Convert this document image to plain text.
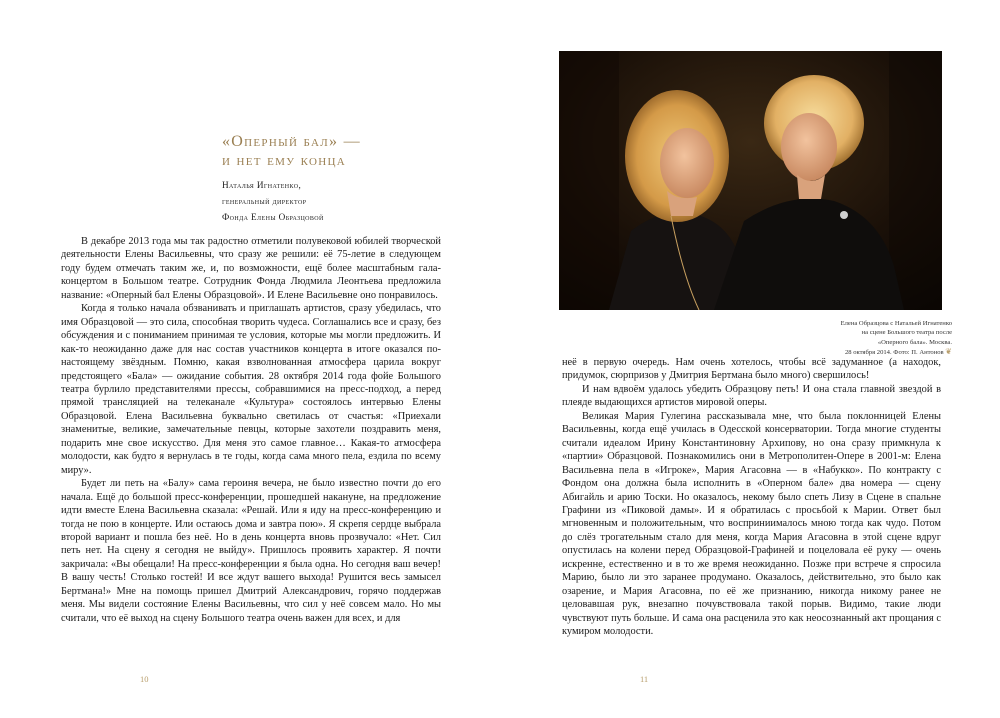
«Оперный бал» —
и нет ему конца
Наталья Игнатенко,
генеральный директор
Фонда Елены Образцовой

В декабре 2013 года мы так радостно отметили полувековой юбилей творческой деятельности Елены Васильевны, что сразу же решили: её 75-летие в следующем году будем отмечать таким же, и, по возможности, ещё более масштабным гала-концертом в Большом театре. Сотрудник Фонда Людмила Леонтьева предложила название: «Оперный бал Елены Образцовой». И Елене Васильевне оно понравилось.

Когда я только начала обзванивать и приглашать артистов, сразу убедилась, что имя Образцовой — это сила, способная творить чудеса. Соглашались все и сразу, без обсуждения и с пониманием принимая те условия, которые мы могли предложить. И как-то неожиданно даже для нас состав участников концерта в итоге оказался по-настоящему звёздным. Помню, какая взволнованная атмосфера царила вокруг предстоящего «Бала» — ожидание события. 28 октября 2014 года фойе Большого театра бурлило представителями прессы, собравшимися на пресс-подход, а перед прямой трансляцией на телеканале «Культура» состоялось интервью Елены Образцовой. Елена Васильевна буквально светилась от счастья: «Приехали знаменитые, великие, замечательные певцы, которые захотели поздравить меня, подарить мне свое искусство. Для меня это самое главное… Какая-то атмосфера молодости, как будто я вернулась в те годы, когда сама много пела, ездила по всему миру».

Будет ли петь на «Балу» сама героиня вечера, не было известно почти до его начала. Ещё до большой пресс-конференции, прошедшей накануне, на предложение идти вместе Елена Васильевна сказала: «Решай. Или я иду на пресс-конференцию и тогда не пою в концерте. Или остаюсь дома и завтра пою». Я скрепя сердце выбрала второй вариант и пошла без неё. Но в день концерта вновь прозвучало: «Нет. Сил петь нет. На сцену я сегодня не выйду». Пришлось проявить характер. Я почти закричала: «Вы обещали! На пресс-конференции я была одна. Но сегодня ваш вечер! В вашу честь! Столько гостей! И все ждут вашего выхода! Рушится весь замысел Бертмана!» Мне на помощь пришел Дмитрий Александрович, горячо поддержав меня. Мы видели состояние Елены Васильевны, что сил у неё совсем мало. Но мы считали, что её выход на сцену Большого театра очень важен для всех, и для

10
Елена Образцова с Натальей Игнатенко
на сцене Большого театра после
«Оперного бала». Москва.
28 октября 2014. Фото: П. Антонов ❦

неё в первую очередь. Нам очень хотелось, чтобы всё задуманное (а находок, придумок, сюрпризов у Дмитрия Бертмана было много) свершилось!

И нам вдвоём удалось убедить Образцову петь! И она стала главной звездой в плеяде выдающихся артистов мировой оперы.

Великая Мария Гулегина рассказывала мне, что была поклонницей Елены Васильевны, когда ещё училась в Одесской консерватории. Тогда многие студенты считали идеалом Ирину Константиновну Архипову, но она сразу примкнула к «партии» Образцовой. Познакомились они в Метрополитен-Опере в 2001-м: Елена Васильевна пела в «Игроке», Мария Агасовна — в «Набукко». По контракту с Фондом она должна была исполнить в «Оперном бале» два номера — сцену Абигайль и арию Тоски. Но оказалось, некому было спеть Лизу в Сцене в спальне Графини из «Пиковой дамы». И я обратилась с просьбой к Марии. Ответ был мгновенным и положительным, что восприниималось мною тогда как чудо. Потом до слёз трогательным стало для меня, когда Мария Агасовна в этой сцене вдруг опустилась на колени перед Образцовой-Графиней и поцеловала её руку — очень искренне, естественно и в то же время неожиданно. Позже при встрече я спросила Марию, было ли это заранее продумано. Оказалось, действительно, это было как озарение, и Мария Агасовна, по её же признанию, никогда никому ранее не целовавшая рук, внезапно почувствовала такой порыв. Видимо, такие люди чувствуют путь больше. И сама она расценила это как неосознанный акт прощания с кумиром молодости.

11
